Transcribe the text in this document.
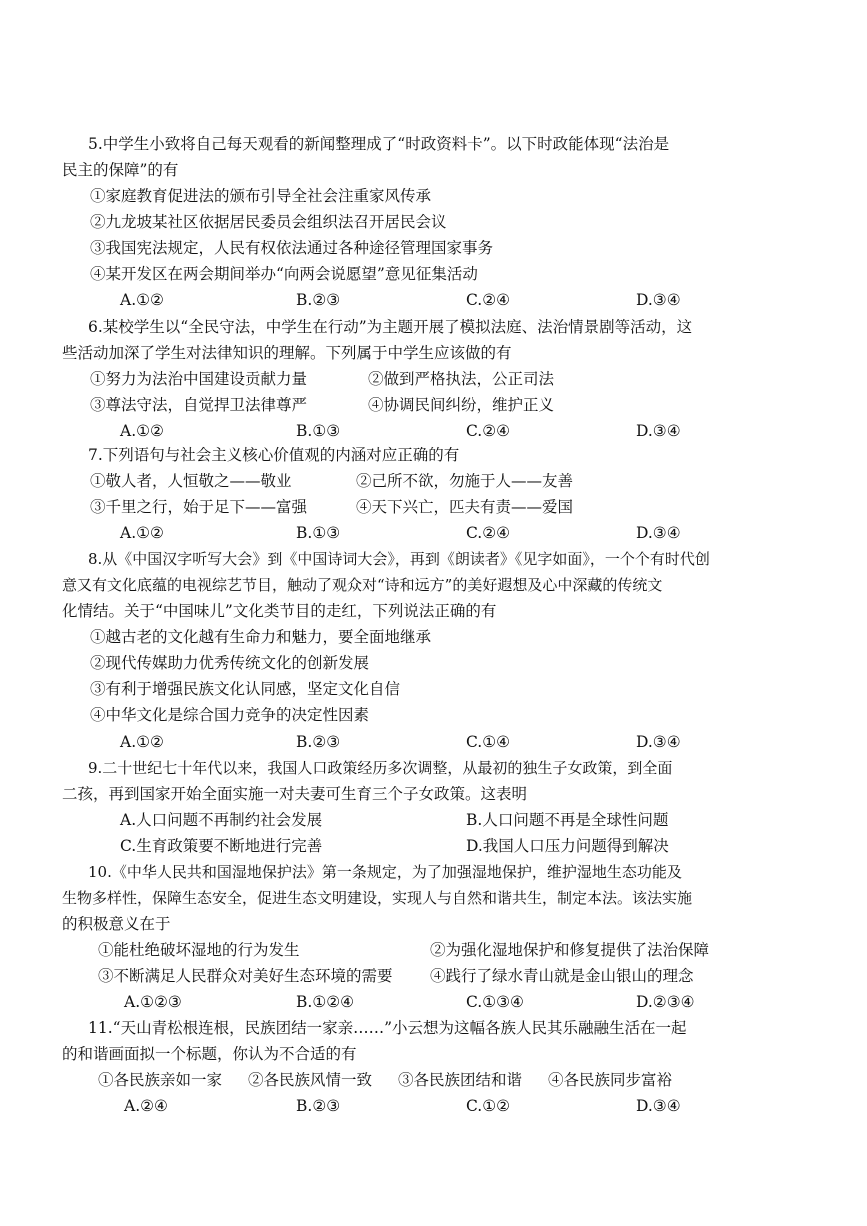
5.中学生小致将自己每天观看的新闻整理成了“时政资料卡”。以下时政能体现“法治是
民主的保障”的有
①家庭教育促进法的颁布引导全社会注重家风传承
②九龙坡某社区依据居民委员会组织法召开居民会议
③我国宪法规定，人民有权依法通过各种途径管理国家事务
④某开发区在两会期间举办“向两会说愿望”意见征集活动
A.①②	B.②③	C.②④	D.③④
6.某校学生以“全民守法，中学生在行动”为主题开展了模拟法庭、法治情景剧等活动，这
些活动加深了学生对法律知识的理解。下列属于中学生应该做的有
①努力为法治中国建设贡献力量	②做到严格执法，公正司法
③尊法守法，自觉捍卫法律尊严	④协调民间纠纷，维护正义
A.①②	B.①③	C.②④	D.③④
7.下列语句与社会主义核心价值观的内涵对应正确的有
①敬人者，人恒敬之——敬业	②己所不欲，勿施于人——友善
③千里之行，始于足下——富强	④天下兴亡，匹夫有责——爱国
A.①②	B.①③	C.②④	D.③④
8.从《中国汉字听写大会》到《中国诗词大会》，再到《朗读者》《见字如面》，一个个有时代创
意又有文化底蕴的电视综艺节目，触动了观众对“诗和远方”的美好遐想及心中深藏的传统文
化情结。关于“中国味儿”文化类节目的走红，下列说法正确的有
①越古老的文化越有生命力和魅力，要全面地继承
②现代传媒助力优秀传统文化的创新发展
③有利于增强民族文化认同感，坚定文化自信
④中华文化是综合国力竞争的决定性因素
A.①②	B.②③	C.①④	D.③④
9.二十世纪七十年代以来，我国人口政策经历多次调整，从最初的独生子女政策，到全面
二孩，再到国家开始全面实施一对夫妻可生育三个子女政策。这表明
A.人口问题不再制约社会发展	B.人口问题不再是全球性问题
C.生育政策要不断地进行完善	D.我国人口压力问题得到解决
10.《中华人民共和国湿地保护法》第一条规定，为了加强湿地保护，维护湿地生态功能及
生物多样性，保障生态安全，促进生态文明建设，实现人与自然和谐共生，制定本法。该法实施
的积极意义在于
①能杜绝破坏湿地的行为发生	②为强化湿地保护和修复提供了法治保障
③不断满足人民群众对美好生态环境的需要 ④践行了绿水青山就是金山银山的理念
A.①②③	B.①②④	C.①③④	D.②③④
11.“天山青松根连根，民族团结一家亲……”小云想为这幅各族人民其乐融融生活在一起
的和谐画面拟一个标题，你认为不合适的有
①各民族亲如一家 ②各民族风情一致 ③各民族团结和谐 ④各民族同步富裕
A.②④	B.②③	C.①②	D.③④
